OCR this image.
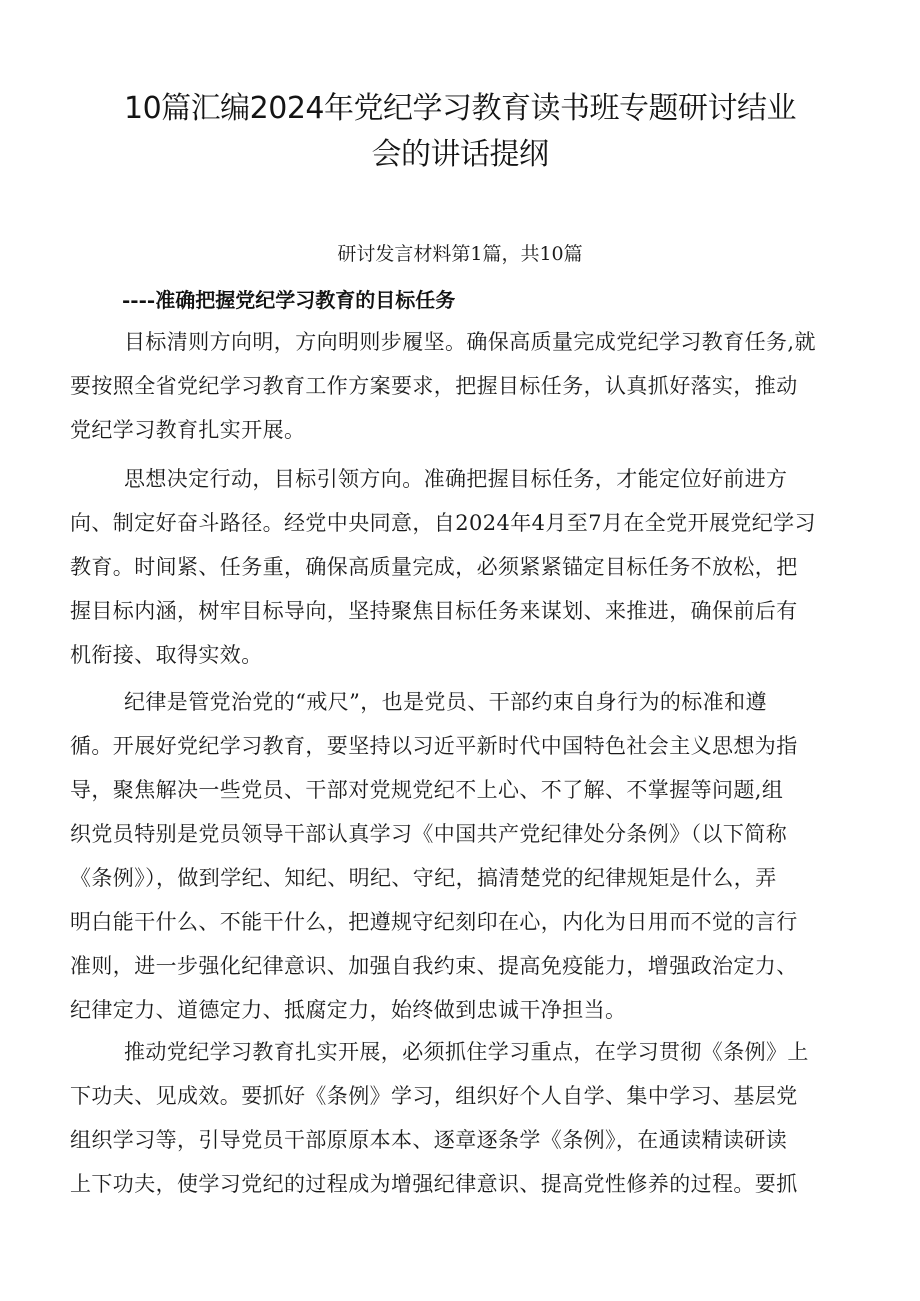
10篇汇编2024年党纪学习教育读书班专题研讨结业
会的讲话提纲
研讨发言材料第1篇，共10篇
----准确把握党纪学习教育的目标任务

目标清则方向明，方向明则步履坚。确保高质量完成党纪学习教育任务,就
要按照全省党纪学习教育工作方案要求，把握目标任务，认真抓好落实，推动
党纪学习教育扎实开展。

思想决定行动，目标引领方向。准确把握目标任务，才能定位好前进方
向、制定好奋斗路径。经党中央同意，自2024年4月至7月在全党开展党纪学习
教育。时间紧、任务重，确保高质量完成，必须紧紧锚定目标任务不放松，把
握目标内涵，树牢目标导向，坚持聚焦目标任务来谋划、来推进，确保前后有
机衔接、取得实效。

纪律是管党治党的“戒尺”，也是党员、干部约束自身行为的标准和遵
循。开展好党纪学习教育，要坚持以习近平新时代中国特色社会主义思想为指
导，聚焦解决一些党员、干部对党规党纪不上心、不了解、不掌握等问题,组
织党员特别是党员领导干部认真学习《中国共产党纪律处分条例》（以下简称
《条例》），做到学纪、知纪、明纪、守纪，搞清楚党的纪律规矩是什么，弄
明白能干什么、不能干什么，把遵规守纪刻印在心，内化为日用而不觉的言行
准则，进一步强化纪律意识、加强自我约束、提高免疫能力，增强政治定力、
纪律定力、道德定力、抵腐定力，始终做到忠诚干净担当。

推动党纪学习教育扎实开展，必须抓住学习重点，在学习贯彻《条例》上
下功夫、见成效。要抓好《条例》学习，组织好个人自学、集中学习、基层党
组织学习等，引导党员干部原原本本、逐章逐条学《条例》，在通读精读研读
上下功夫，使学习党纪的过程成为增强纪律意识、提高党性修养的过程。要抓
